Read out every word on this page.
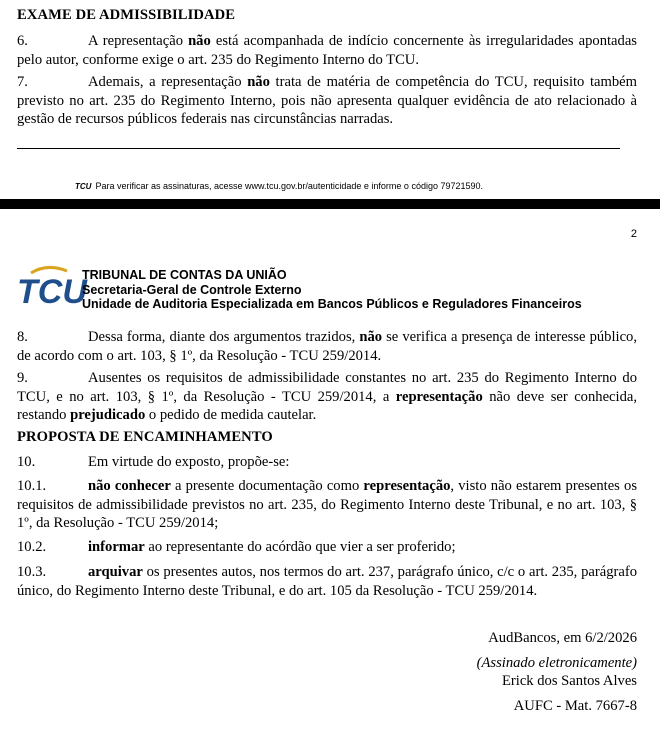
EXAME DE ADMISSIBILIDADE
6.	A representação não está acompanhada de indício concernente às irregularidades apontadas pelo autor, conforme exige o art. 235 do Regimento Interno do TCU.
7.	Ademais, a representação não trata de matéria de competência do TCU, requisito também previsto no art. 235 do Regimento Interno, pois não apresenta qualquer evidência de ato relacionado à gestão de recursos públicos federais nas circunstâncias narradas.
TCU Para verificar as assinaturas, acesse www.tcu.gov.br/autenticidade e informe o código 79721590.
2
TCU
TRIBUNAL DE CONTAS DA UNIÃO
Secretaria-Geral de Controle Externo
Unidade de Auditoria Especializada em Bancos Públicos e Reguladores Financeiros
8.	Dessa forma, diante dos argumentos trazidos, não se verifica a presença de interesse público, de acordo com o art. 103, § 1º, da Resolução - TCU 259/2014.
9.	Ausentes os requisitos de admissibilidade constantes no art. 235 do Regimento Interno do TCU, e no art. 103, § 1º, da Resolução - TCU 259/2014, a representação não deve ser conhecida, restando prejudicado o pedido de medida cautelar.
PROPOSTA DE ENCAMINHAMENTO
10.	Em virtude do exposto, propõe-se:
10.1.	não conhecer a presente documentação como representação, visto não estarem presentes os requisitos de admissibilidade previstos no art. 235, do Regimento Interno deste Tribunal, e no art. 103, § 1º, da Resolução - TCU 259/2014;
10.2.	informar ao representante do acórdão que vier a ser proferido;
10.3.	arquivar os presentes autos, nos termos do art. 237, parágrafo único, c/c o art. 235, parágrafo único, do Regimento Interno deste Tribunal, e do art. 105 da Resolução - TCU 259/2014.
AudBancos, em 6/2/2026
(Assinado eletronicamente)
Erick dos Santos Alves
AUFC - Mat. 7667-8
